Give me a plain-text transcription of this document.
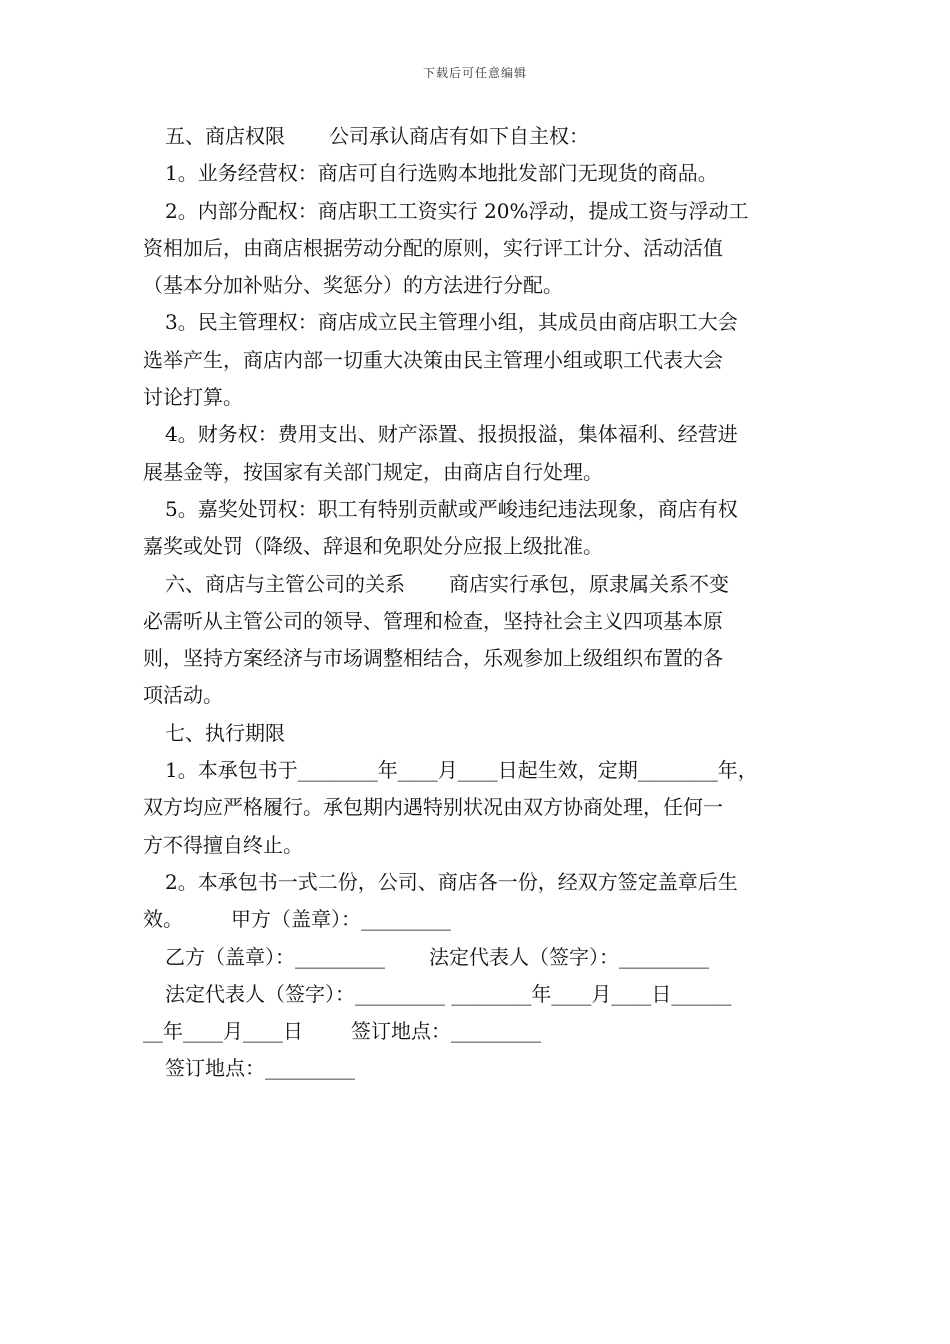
下载后可任意编辑
五、商店权限 公司承认商店有如下自主权：
1。业务经营权：商店可自行选购本地批发部门无现货的商品。
2。内部分配权：商店职工工资实行 20%浮动，提成工资与浮动工
资相加后，由商店根据劳动分配的原则，实行评工计分、活动活值
（基本分加补贴分、奖惩分）的方法进行分配。
3。民主管理权：商店成立民主管理小组，其成员由商店职工大会
选举产生，商店内部一切重大决策由民主管理小组或职工代表大会
讨论打算。
4。财务权：费用支出、财产添置、报损报溢，集体福利、经营进
展基金等，按国家有关部门规定，由商店自行处理。
5。嘉奖处罚权：职工有特别贡献或严峻违纪违法现象，商店有权
嘉奖或处罚（降级、辞退和免职处分应报上级批准。
六、商店与主管公司的关系 商店实行承包，原隶属关系不变
必需听从主管公司的领导、管理和检查，坚持社会主义四项基本原
则，坚持方案经济与市场调整相结合，乐观参加上级组织布置的各
项活动。
七、执行期限
1。本承包书于________年____月____日起生效，定期________年，
双方均应严格履行。承包期内遇特别状况由双方协商处理，任何一
方不得擅自终止。
2。本承包书一式二份，公司、商店各一份，经双方签定盖章后生
效。 甲方（盖章）：_________
乙方（盖章）：_________ 法定代表人（签字）：_________
法定代表人（签字）：_________ ________年____月____日______
__年____月____日 签订地点：_________
签订地点：_________
